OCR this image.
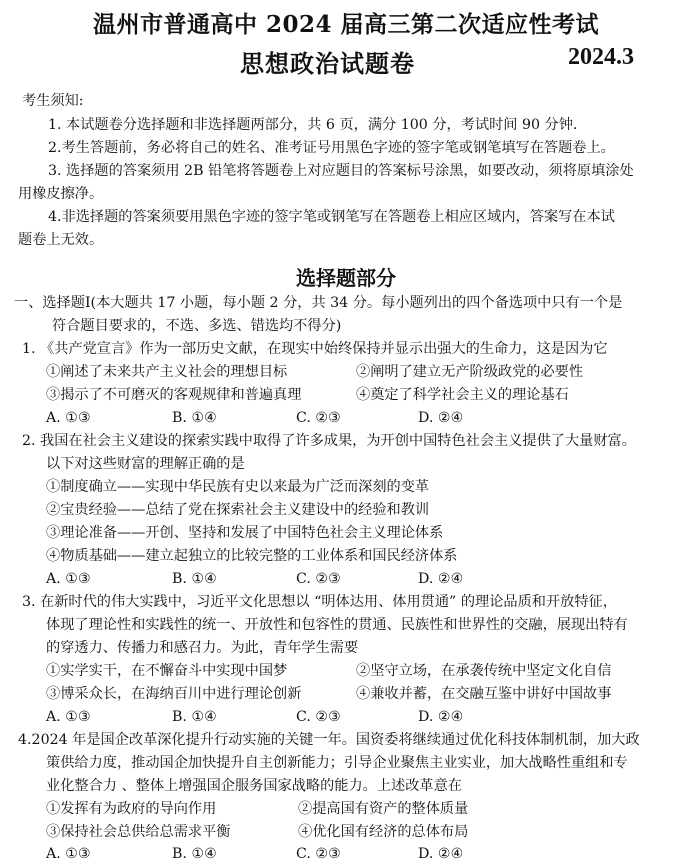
温州市普通高中 2024 届高三第二次适应性考试
思想政治试题卷	2024.3
考生须知:
1. 本试题卷分选择题和非选择题两部分，共 6 页，满分 100 分，考试时间 90 分钟.
2.考生答题前，务必将自己的姓名、准考证号用黑色字迹的签字笔或钢笔填写在答题卷上。
3. 选择题的答案须用 2B 铅笔将答题卷上对应题目的答案标号涂黑，如要改动，须将原填涂处
用橡皮擦净。
4.非选择题的答案须要用黑色字迹的签字笔或钢笔写在答题卷上相应区域内，答案写在本试
题卷上无效。
选择题部分
一、选择题Ⅰ(本大题共 17 小题，每小题 2 分，共 34 分。每小题列出的四个备选项中只有一个是
符合题目要求的，不选、多选、错选均不得分)
1. 《共产党宣言》作为一部历史文献，在现实中始终保持并显示出强大的生命力，这是因为它
①阐述了未来共产主义社会的理想目标	②阐明了建立无产阶级政党的必要性
③揭示了不可磨灭的客观规律和普遍真理	④奠定了科学社会主义的理论基石
A. ①③	B. ①④	C. ②③	D. ②④
2. 我国在社会主义建设的探索实践中取得了许多成果，为开创中国特色社会主义提供了大量财富。
以下对这些财富的理解正确的是
①制度确立——实现中华民族有史以来最为广泛而深刻的变革
②宝贵经验——总结了党在探索社会主义建设中的经验和教训
③理论准备——开创、坚持和发展了中国特色社会主义理论体系
④物质基础——建立起独立的比较完整的工业体系和国民经济体系
A. ①③	B. ①④	C. ②③	D. ②④
3. 在新时代的伟大实践中，习近平文化思想以 “明体达用、体用贯通” 的理论品质和开放特征，
体现了理论性和实践性的统一、开放性和包容性的贯通、民族性和世界性的交融，展现出特有
的穿透力、传播力和感召力。为此，青年学生需要
①实学实干，在不懈奋斗中实现中国梦	②坚守立场，在承袭传统中坚定文化自信
③博采众长，在海纳百川中进行理论创新	④兼收并蓄，在交融互鉴中讲好中国故事
A. ①③	B. ①④	C. ②③	D. ②④
4.2024 年是国企改革深化提升行动实施的关键一年。国资委将继续通过优化科技体制机制，加大政
策供给力度，推动国企加快提升自主创新能力；引导企业聚焦主业实业，加大战略性重组和专
业化整合力 、整体上增强国企服务国家战略的能力。上述改革意在
①发挥有为政府的导向作用	②提高国有资产的整体质量
③保持社会总供给总需求平衡	④优化国有经济的总体布局
A. ①③	B. ①④	C. ②③	D. ②④
